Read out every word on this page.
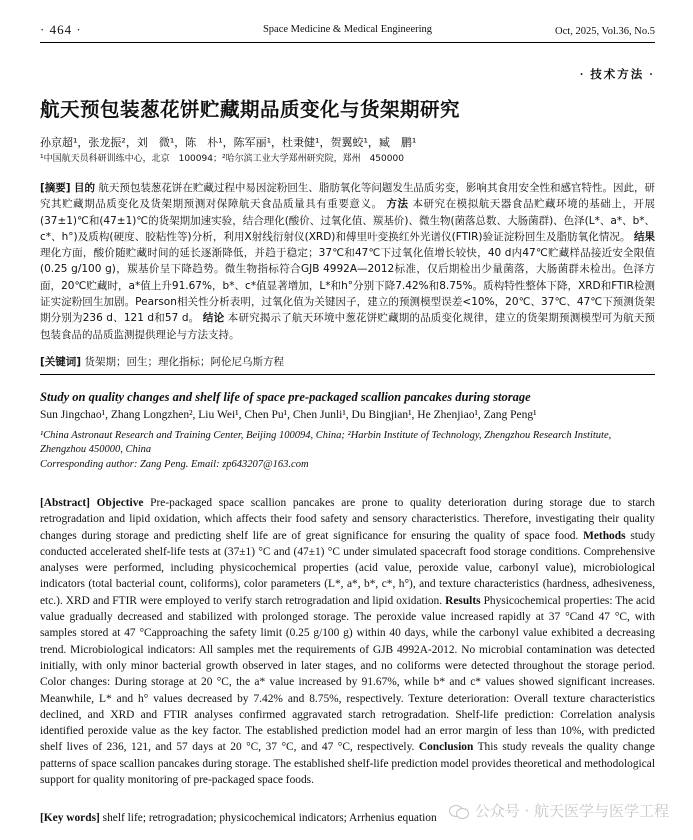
· 464 ·	Space Medicine & Medical Engineering	Oct, 2025, Vol.36, No.5
· 技术方法 ·
航天预包装葱花饼贮藏期品质变化与货架期研究
孙京超¹，张龙振²，刘　微¹，陈　朴¹，陈军丽¹，杜秉健¹，贺翼蛟¹，臧　鹏¹
¹中国航天员科研训练中心，北京　100094；²哈尔滨工业大学郑州研究院，郑州　450000
[摘要] 目的 航天预包装葱花饼在贮藏过程中易因淀粉回生、脂肪氧化等问题发生品质劣变，影响其食用安全性和感官特性。因此，研究其贮藏期品质变化及货架期预测对保障航天食品质量具有重要意义。 方法 本研究在模拟航天器食品贮藏环境的基础上，开展(37±1)℃和(47±1)℃的货架期加速实验，结合理化(酸价、过氧化值、羰基价)、微生物(菌落总数、大肠菌群)、色泽(L*、a*、b*、c*、h°)及质构(硬度、胶粘性等)分析，利用X射线衍射仪(XRD)和傅里叶变换红外光谱仪(FTIR)验证淀粉回生及脂肪氧化情况。 结果 理化方面，酸价随贮藏时间的延长逐渐降低，并趋于稳定；37℃和47℃下过氧化值增长较快，40 d内47℃贮藏样品接近安全限值(0.25 g/100 g)，羰基价呈下降趋势。微生物指标符合GJB 4992A—2012标准，仅后期检出少量菌落，大肠菌群未检出。色泽方面，20℃贮藏时，a*值上升91.67%，b*、c*值显著增加，L*和h°分别下降7.42%和8.75%。质构特性整体下降，XRD和FTIR检测证实淀粉回生加剧。Pearson相关性分析表明，过氧化值为关键因子，建立的预测模型误差<10%，20℃、37℃、47℃下预测货架期分别为236 d、121 d和57 d。 结论 本研究揭示了航天环境中葱花饼贮藏期的品质变化规律，建立的货架期预测模型可为航天预包装食品的品质监测提供理论与方法支持。
[关键词] 货架期；回生；理化指标；阿伦尼乌斯方程
Study on quality changes and shelf life of space pre-packaged scallion pancakes during storage
Sun Jingchao¹, Zhang Longzhen², Liu Wei¹, Chen Pu¹, Chen Junli¹, Du Bingjian¹, He Zhenjiao¹, Zang Peng¹
¹China Astronaut Research and Training Center, Beijing 100094, China; ²Harbin Institute of Technology, Zhengzhou Research Institute, Zhengzhou 450000, China
Corresponding author: Zang Peng. Email: zp643207@163.com
[Abstract] Objective Pre-packaged space scallion pancakes are prone to quality deterioration during storage due to starch retrogradation and lipid oxidation, which affects their food safety and sensory characteristics. Therefore, investigating their quality changes during storage and predicting shelf life are of great significance for ensuring the quality of space food. Methods study conducted accelerated shelf-life tests at (37±1) °C and (47±1) °C under simulated spacecraft food storage conditions. Comprehensive analyses were performed, including physicochemical properties (acid value, peroxide value, carbonyl value), microbiological indicators (total bacterial count, coliforms), color parameters (L*, a*, b*, c*, h°), and texture characteristics (hardness, adhesiveness, etc.). XRD and FTIR were employed to verify starch retrogradation and lipid oxidation. Results Physicochemical properties: The acid value gradually decreased and stabilized with prolonged storage. The peroxide value increased rapidly at 37 °Cand 47 °C, with samples stored at 47 °Capproaching the safety limit (0.25 g/100 g) within 40 days, while the carbonyl value exhibited a decreasing trend. Microbiological indicators: All samples met the requirements of GJB 4992A-2012. No microbial contamination was detected initially, with only minor bacterial growth observed in later stages, and no coliforms were detected throughout the storage period. Color changes: During storage at 20 °C, the a* value increased by 91.67%, while b* and c* values showed significant increases. Meanwhile, L* and h° values decreased by 7.42% and 8.75%, respectively. Texture deterioration: Overall texture characteristics declined, and XRD and FTIR analyses confirmed aggravated starch retrogradation. Shelf-life prediction: Correlation analysis identified peroxide value as the key factor. The established prediction model had an error margin of less than 10%, with predicted shelf lives of 236, 121, and 57 days at 20 °C, 37 °C, and 47 °C, respectively. Conclusion This study reveals the quality change patterns of space scallion pancakes during storage. The established shelf-life prediction model provides theoretical and methodological support for quality monitoring of pre-packaged space foods.
[Key words] shelf life; retrogradation; physicochemical indicators; Arrhenius equation	公众号 · 航天医学与医学工程
